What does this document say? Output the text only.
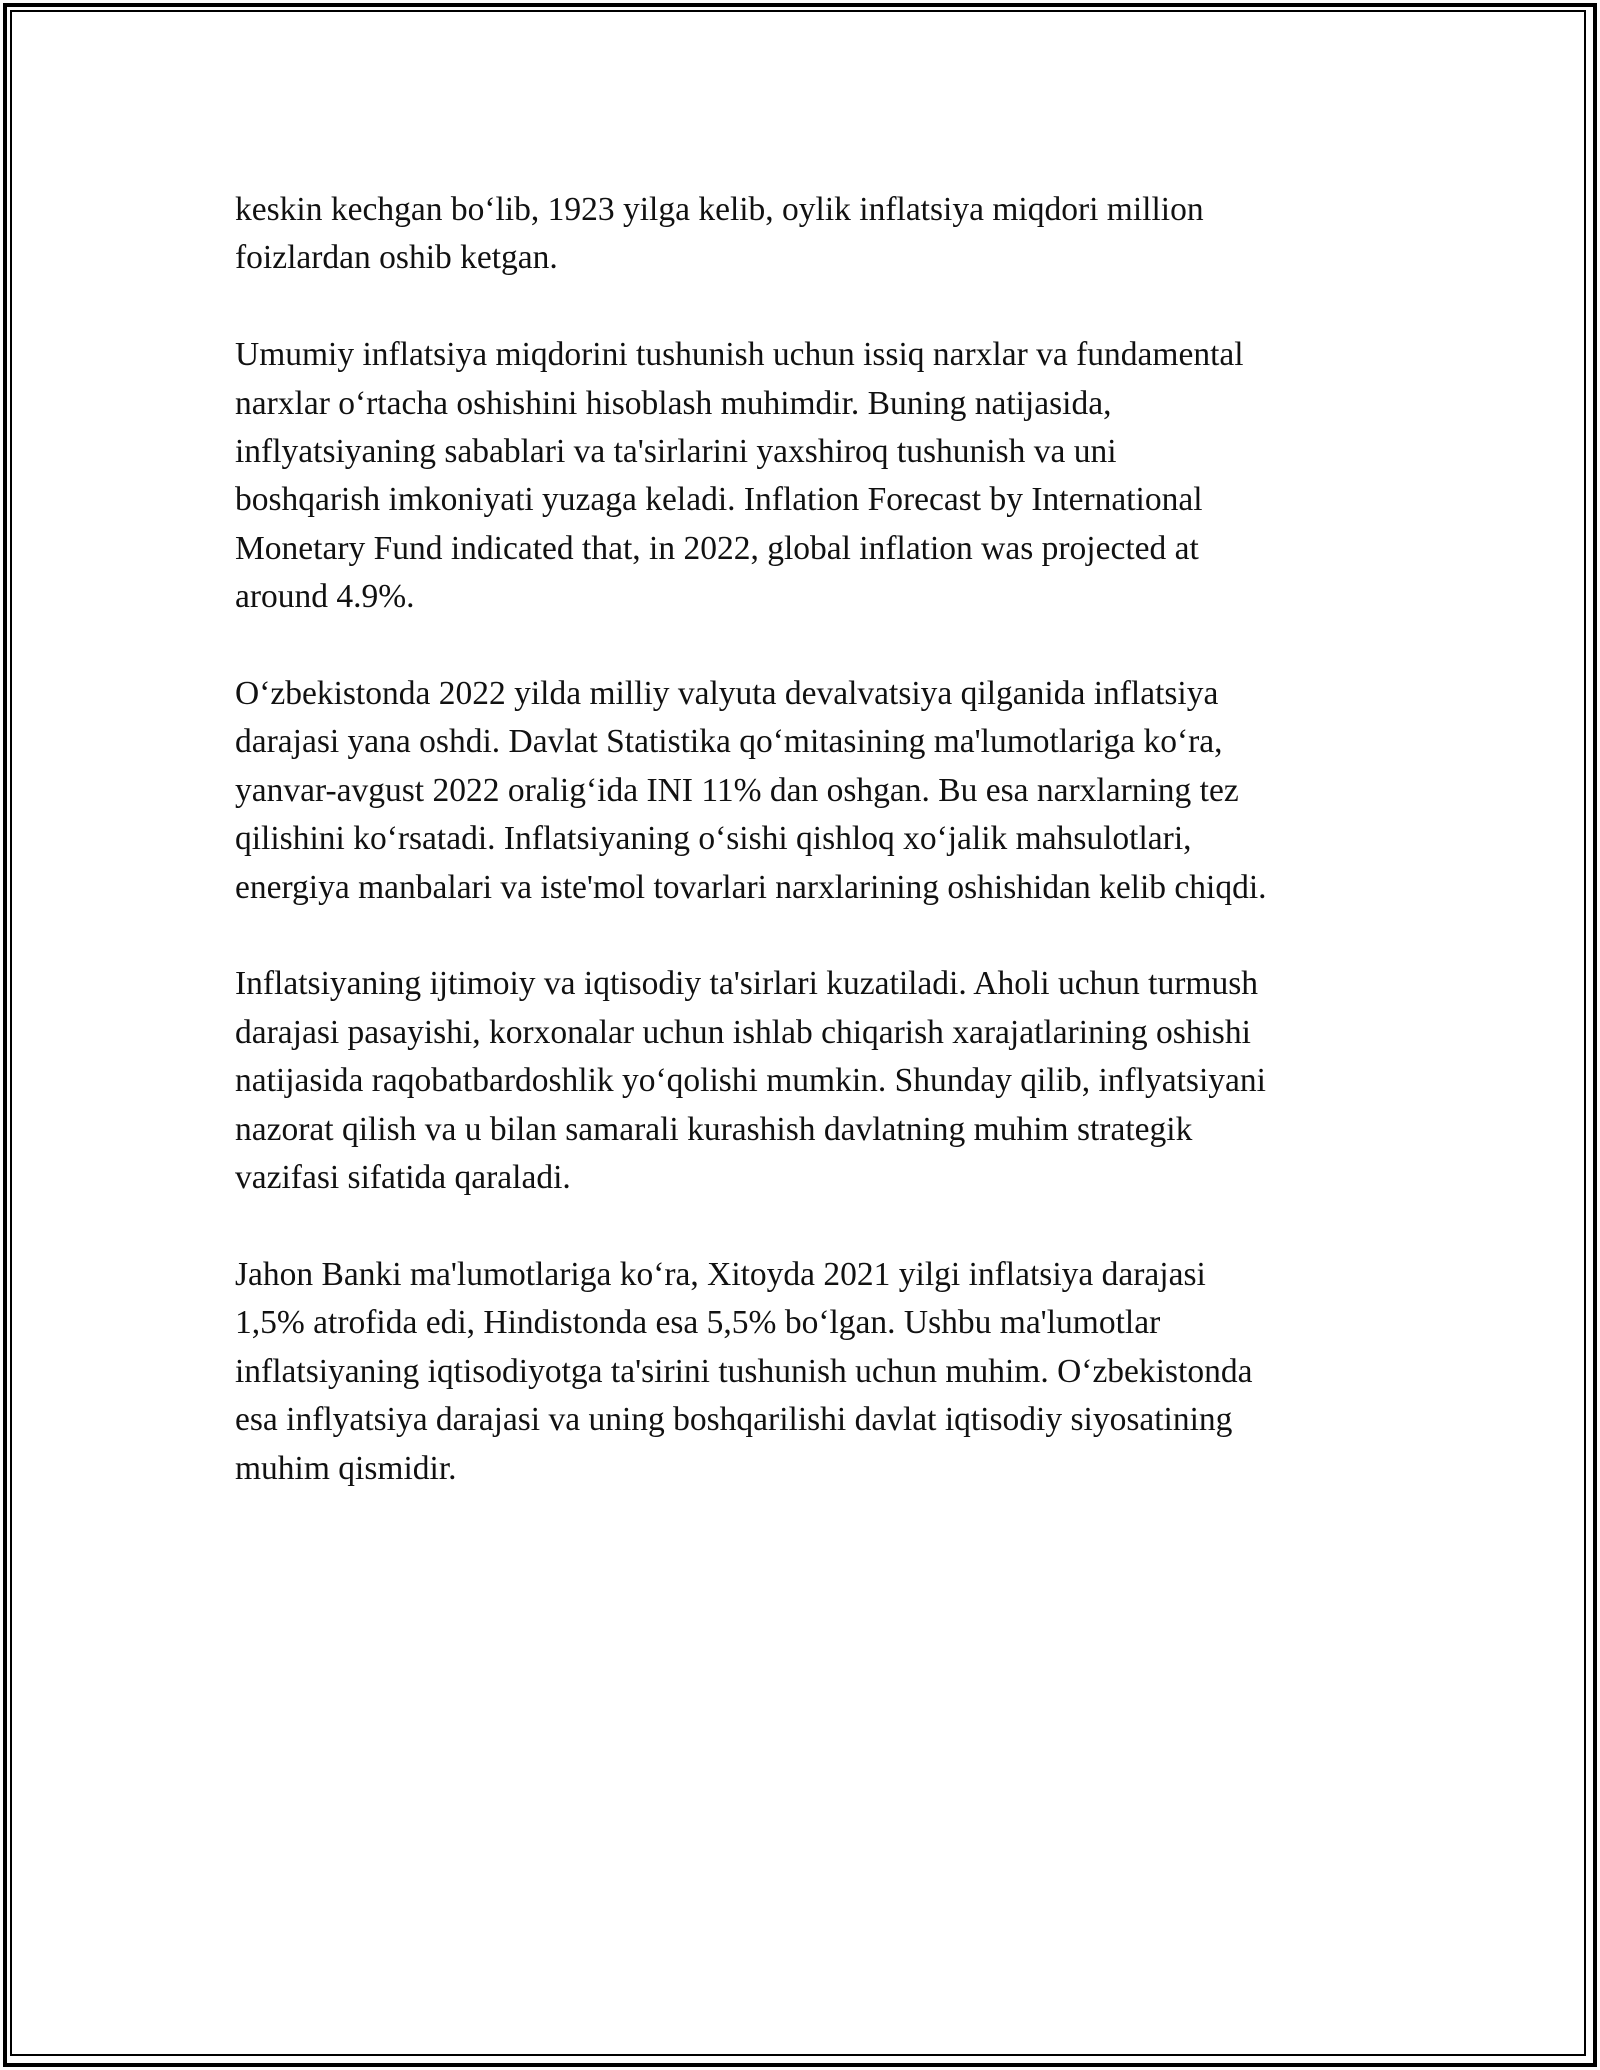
keskin kechgan bo‘lib, 1923 yilga kelib, oylik inflatsiya miqdori million
foizlardan oshib ketgan.

Umumiy inflatsiya miqdorini tushunish uchun issiq narxlar va fundamental
narxlar o‘rtacha oshishini hisoblash muhimdir. Buning natijasida,
inflyatsiyaning sabablari va ta'sirlarini yaxshiroq tushunish va uni
boshqarish imkoniyati yuzaga keladi. Inflation Forecast by International
Monetary Fund indicated that, in 2022, global inflation was projected at
around 4.9%.

O‘zbekistonda 2022 yilda milliy valyuta devalvatsiya qilganida inflatsiya
darajasi yana oshdi. Davlat Statistika qo‘mitasining ma'lumotlariga ko‘ra,
yanvar-avgust 2022 oralig‘ida INI 11% dan oshgan. Bu esa narxlarning tez
qilishini ko‘rsatadi. Inflatsiyaning o‘sishi qishloq xo‘jalik mahsulotlari,
energiya manbalari va iste'mol tovarlari narxlarining oshishidan kelib chiqdi.

Inflatsiyaning ijtimoiy va iqtisodiy ta'sirlari kuzatiladi. Aholi uchun turmush
darajasi pasayishi, korxonalar uchun ishlab chiqarish xarajatlarining oshishi
natijasida raqobatbardoshlik yo‘qolishi mumkin. Shunday qilib, inflyatsiyani
nazorat qilish va u bilan samarali kurashish davlatning muhim strategik
vazifasi sifatida qaraladi.

Jahon Banki ma'lumotlariga ko‘ra, Xitoyda 2021 yilgi inflatsiya darajasi
1,5% atrofida edi, Hindistonda esa 5,5% bo‘lgan. Ushbu ma'lumotlar
inflatsiyaning iqtisodiyotga ta'sirini tushunish uchun muhim. O‘zbekistonda
esa inflyatsiya darajasi va uning boshqarilishi davlat iqtisodiy siyosatining
muhim qismidir.
